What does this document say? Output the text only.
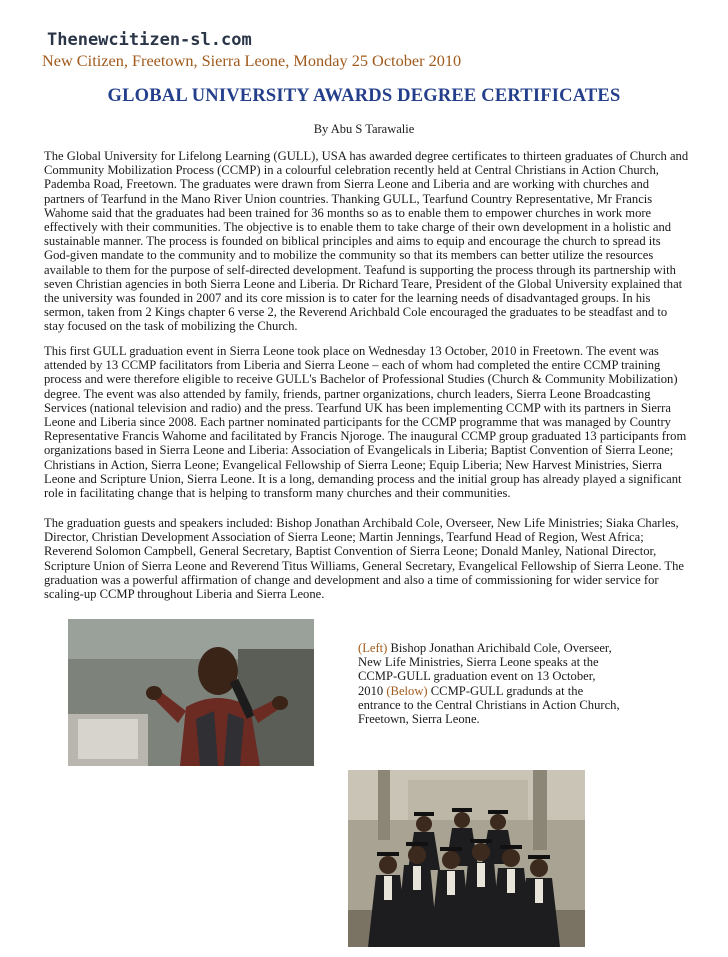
Thenewcitizen-sl.com
New Citizen, Freetown, Sierra Leone, Monday 25 October 2010
GLOBAL UNIVERSITY AWARDS DEGREE CERTIFICATES
By Abu S Tarawalie

The Global University for Lifelong Learning (GULL), USA has awarded degree certificates to thirteen graduates of Church and Community Mobilization Process (CCMP) in a colourful celebration recently held at Central Christians in Action Church, Pademba Road, Freetown. The graduates were drawn from Sierra Leone and Liberia and are working with churches and partners of Tearfund in the Mano River Union countries. Thanking GULL, Tearfund Country Representative, Mr Francis Wahome said that the graduates had been trained for 36 months so as to enable them to empower churches in work more effectively with their communities. The objective is to enable them to take charge of their own development in a holistic and sustainable manner. The process is founded on biblical principles and aims to equip and encourage the church to spread its God-given mandate to the community and to mobilize the community so that its members can better utilize the resources available to them for the purpose of self-directed development. Teafund is supporting the process through its partnership with seven Christian agencies in both Sierra Leone and Liberia. Dr Richard Teare, President of the Global University explained that the university was founded in 2007 and its core mission is to cater for the learning needs of disadvantaged groups. In his sermon, taken from 2 Kings chapter 6 verse 2, the Reverend Arichbald Cole encouraged the graduates to be steadfast and to stay focused on the task of mobilizing the Church.

This first GULL graduation event in Sierra Leone took place on Wednesday 13 October, 2010 in Freetown. The event was attended by 13 CCMP facilitators from Liberia and Sierra Leone – each of whom had completed the entire CCMP training process and were therefore eligible to receive GULL's Bachelor of Professional Studies (Church & Community Mobilization) degree. The event was also attended by family, friends, partner organizations, church leaders, Sierra Leone Broadcasting Services (national television and radio) and the press. Tearfund UK has been implementing CCMP with its partners in Sierra Leone and Liberia since 2008. Each partner nominated participants for the CCMP programme that was managed by Country Representative Francis Wahome and facilitated by Francis Njoroge. The inaugural CCMP group graduated 13 participants from organizations based in Sierra Leone and Liberia: Association of Evangelicals in Liberia; Baptist Convention of Sierra Leone; Christians in Action, Sierra Leone; Evangelical Fellowship of Sierra Leone; Equip Liberia; New Harvest Ministries, Sierra Leone and Scripture Union, Sierra Leone. It is a long, demanding process and the initial group has already played a significant role in facilitating change that is helping to transform many churches and their communities.

The graduation guests and speakers included: Bishop Jonathan Archibald Cole, Overseer, New Life Ministries; Siaka Charles, Director, Christian Development Association of Sierra Leone; Martin Jennings, Tearfund Head of Region, West Africa; Reverend Solomon Campbell, General Secretary, Baptist Convention of Sierra Leone; Donald Manley, National Director, Scripture Union of Sierra Leone and Reverend Titus Williams, General Secretary, Evangelical Fellowship of Sierra Leone. The graduation was a powerful affirmation of change and development and also a time of commissioning for wider service for scaling-up CCMP throughout Liberia and Sierra Leone.

(Left) Bishop Jonathan Arichibald Cole, Overseer, New Life Ministries, Sierra Leone speaks at the CCMP-GULL graduation event on 13 October, 2010 (Below) CCMP-GULL gradunds at the entrance to the Central Christians in Action Church, Freetown, Sierra Leone.
